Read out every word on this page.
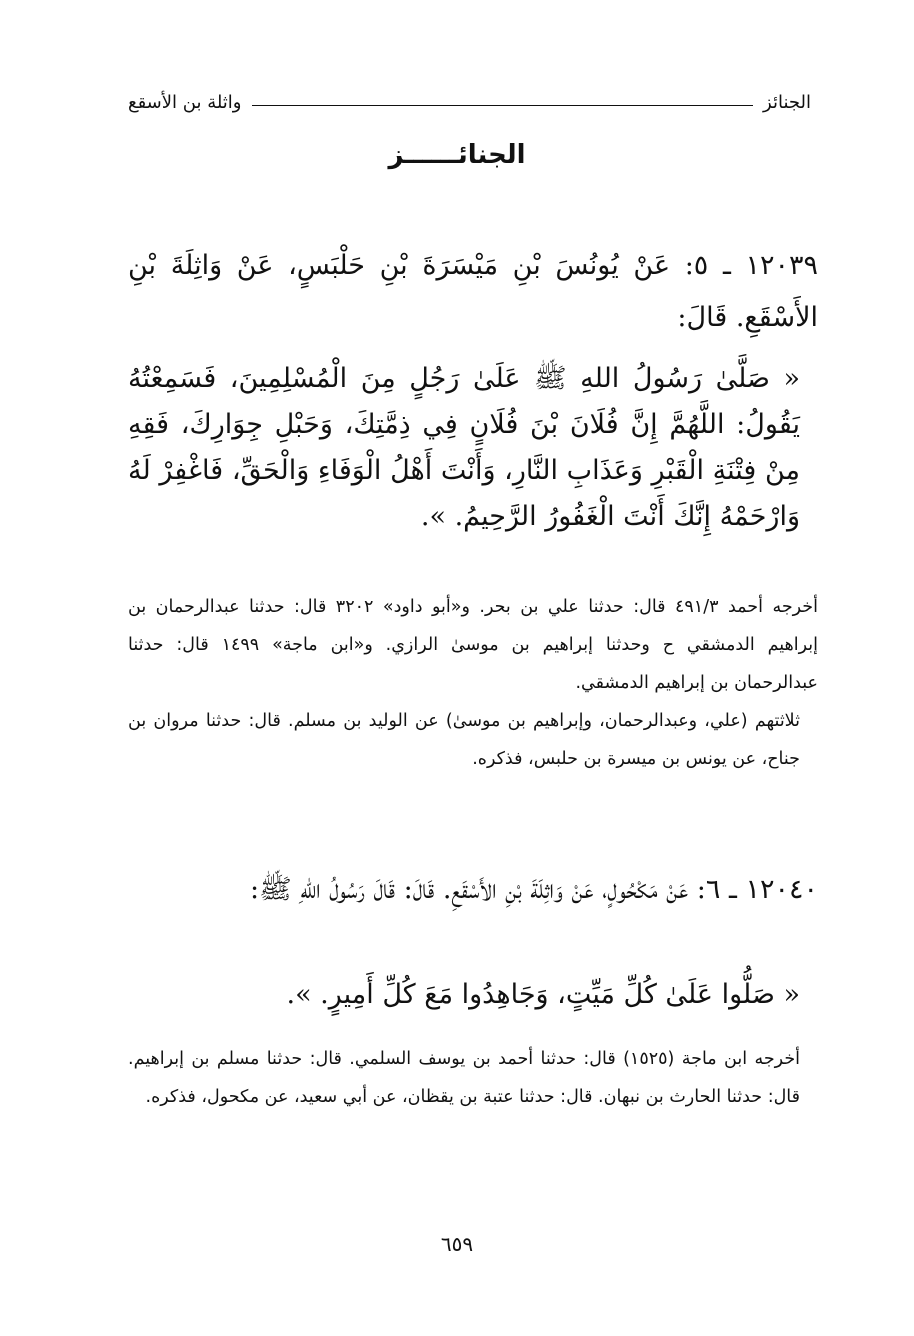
الجنائز
واثلة بن الأسقع
الجنائــــــز
١٢٠٣٩ ـ ٥: عَنْ يُونُسَ بْنِ مَيْسَرَةَ بْنِ حَلْبَسٍ، عَنْ وَاثِلَةَ بْنِ الأَسْقَعِ. قَالَ:
« صَلَّىٰ رَسُولُ اللهِ ﷺ عَلَىٰ رَجُلٍ مِنَ الْمُسْلِمِينَ، فَسَمِعْتُهُ يَقُولُ: اللَّهُمَّ إِنَّ فُلَانَ بْنَ فُلَانٍ فِي ذِمَّتِكَ، وَحَبْلِ جِوَارِكَ، فَقِهِ مِنْ فِتْنَةِ الْقَبْرِ وَعَذَابِ النَّارِ، وَأَنْتَ أَهْلُ الْوَفَاءِ وَالْحَقِّ، فَاغْفِرْ لَهُ وَارْحَمْهُ إِنَّكَ أَنْتَ الْغَفُورُ الرَّحِيمُ. ».

أخرجه أحمد ٤٩١/٣ قال: حدثنا علي بن بحر. و«أبو داود» ٣٢٠٢ قال: حدثنا عبدالرحمان بن إبراهيم الدمشقي ح وحدثنا إبراهيم بن موسىٰ الرازي. و«ابن ماجة» ١٤٩٩ قال: حدثنا عبدالرحمان بن إبراهيم الدمشقي.

ثلاثتهم (علي، وعبدالرحمان، وإبراهيم بن موسىٰ) عن الوليد بن مسلم. قال: حدثنا مروان بن جناح، عن يونس بن ميسرة بن حلبس، فذكره.

١٢٠٤٠ ـ ٦: عَنْ مَكْحُولٍ، عَنْ وَاثِلَةَ بْنِ الأَسْقَعِ. قَالَ: قَالَ رَسُولُ اللهِ ﷺ:
« صَلُّوا عَلَىٰ كُلِّ مَيِّتٍ، وَجَاهِدُوا مَعَ كُلِّ أَمِيرٍ. ».

أخرجه ابن ماجة (١٥٢٥) قال: حدثنا أحمد بن يوسف السلمي. قال: حدثنا مسلم بن إبراهيم. قال: حدثنا الحارث بن نبهان. قال: حدثنا عتبة بن يقظان، عن أبي سعيد، عن مكحول، فذكره.

٦٥٩
